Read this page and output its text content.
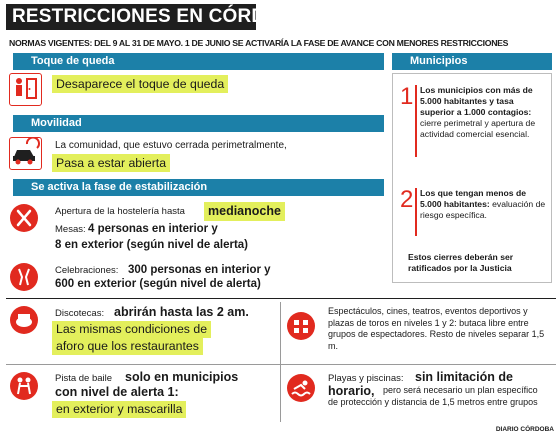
RESTRICCIONES EN CÓRDOBA
NORMAS VIGENTES: DEL 9 AL 31 DE MAYO. 1 DE JUNIO SE ACTIVARÍA LA FASE DE AVANCE CON MENORES RESTRICCIONES
Toque de queda
Desaparece el toque de queda
Movilidad
La comunidad, que estuvo cerrada perimetralmente,
Pasa a estar abierta
Se activa la fase de estabilización
Apertura de la hostelería hasta	medianoche
Mesas: 4 personas en interior y
8 en exterior (según nivel de alerta)
Celebraciones: 300 personas en interior y
600 en exterior (según nivel de alerta)
Municipios
1 Los municipios con más de 5.000 habitantes y tasa superior a 1.000 contagios: cierre perimetral y apertura de actividad comercial esencial.
2 Los que tengan menos de 5.000 habitantes: evaluación de riesgo específica.
Estos cierres deberán ser ratificados por la Justicia
Discotecas: abrirán hasta las 2 am.
Las mismas condiciones de
aforo que los restaurantes
Espectáculos, cines, teatros, eventos deportivos y plazas de toros en niveles 1 y 2: butaca libre entre grupos de espectadores. Resto de niveles separar 1,5 m.
Pista de baile solo en municipios
con nivel de alerta 1:
en exterior y mascarilla
Playas y piscinas: sin limitación de
horario, pero será necesario un plan específico de protección y distancia de 1,5 metros entre grupos
DIARIO CÓRDOBA
